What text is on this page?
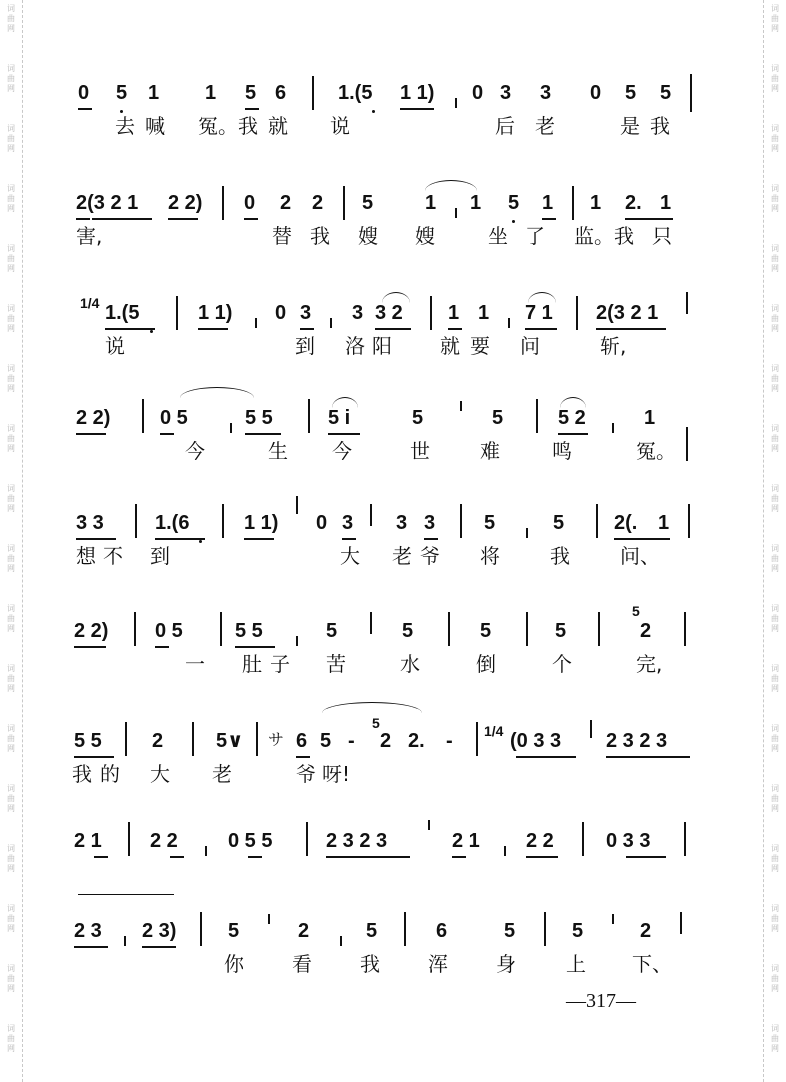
词曲网
词曲网
词曲网
词曲网
词曲网
词曲网
词曲网
词曲网
词曲网
词曲网
词曲网
词曲网
词曲网
词曲网
词曲网
词曲网
词曲网
词曲网
词曲网
词曲网
词曲网
词曲网
词曲网
词曲网
词曲网
词曲网
词曲网
词曲网
词曲网
词曲网
词曲网
词曲网
词曲网
词曲网
词曲网
词曲网
0 5 1 1 5 6	1.(5 1 1) 0 3 3 0 5 5
去 喊 冤。我 就 说	后 老	是 我
2(3 2 1 2 2) 0 2 2 5	1 1 5 1 1 2. 1
害,	替 我 嫂 嫂	坐 了 监。我 只
1/4 1.(5	1 1) 0 3 3 3 2 1 1 7 1 2(3 2 1
说	到 洛 阳 就 要 问	斩,
2 2) 0 5	5 5	5 i	5	5	5 2	1
今	生 今	世	难	鸣	冤。
3 3	1.(6	1 1) 0 3 3 3 5	5 2(. 1
想 不 到	大 老 爷 将	我	问、
2 2) 0 5	5 5	5	5	5	5
5
2
一 肚 子 苦	水	倒	个	完,
5 5	2	5∨ サ 6 5 -
5
2 2. - 1/4 (0 3 3 2 3 2 3
我 的 大 老	爷 呀!
2 1 2 2	0 5 5	2 3 2 3	2 1 2 2	0 3 3
2 3 2 3)	5	2	5	6	5	5	2
你 看 我 浑 身	上 下、
—317—
